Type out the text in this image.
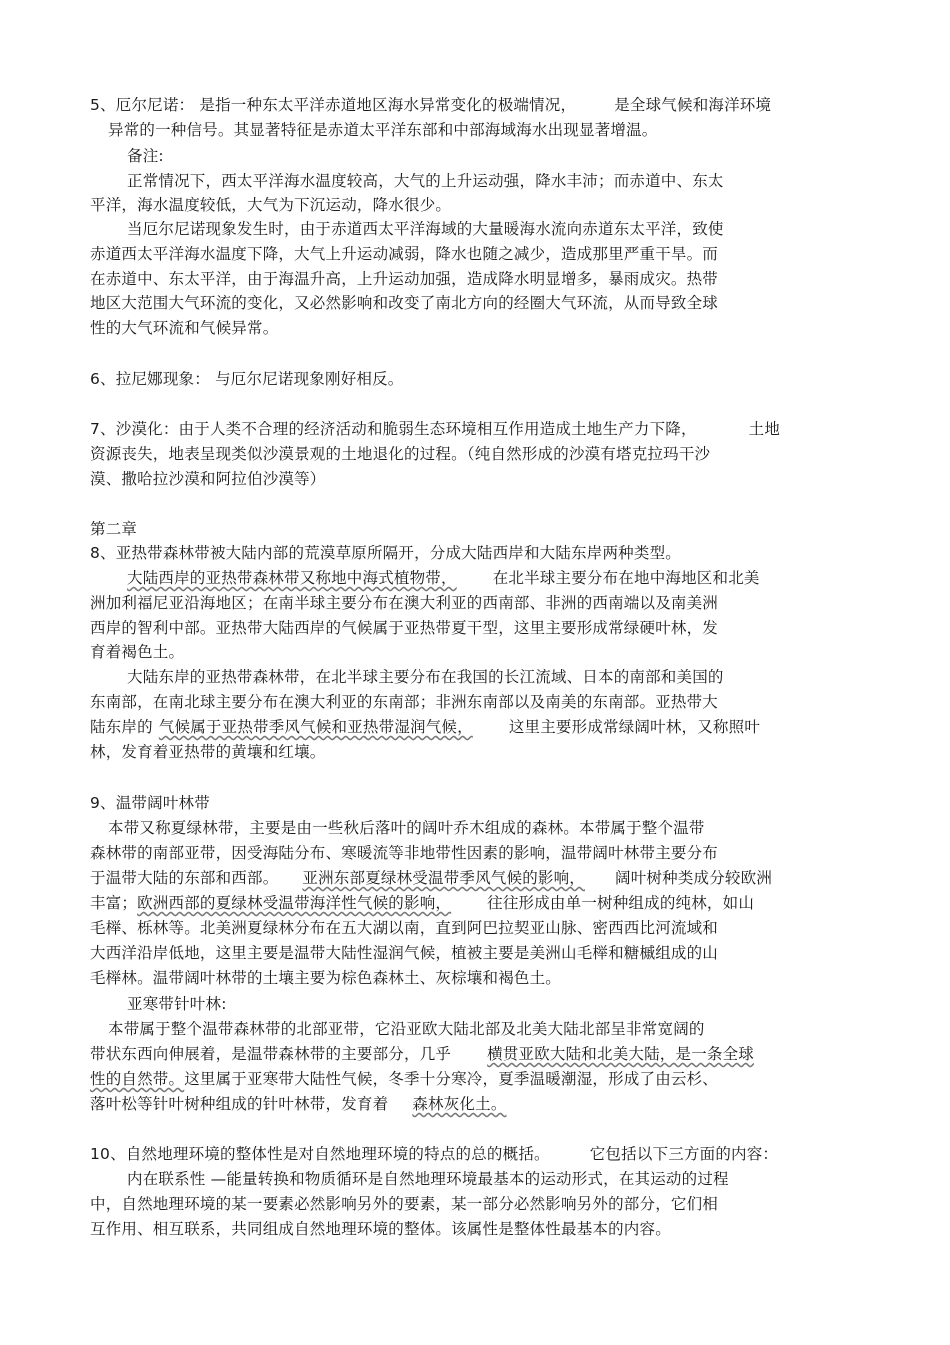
5、厄尔尼诺： 是指一种东太平洋赤道地区海水异常变化的极端情况， 是全球气候和海洋环境
异常的一种信号。其显著特征是赤道太平洋东部和中部海域海水出现显著增温。
备注:
正常情况下，西太平洋海水温度较高，大气的上升运动强，降水丰沛；而赤道中、东太
平洋，海水温度较低，大气为下沉运动，降水很少。
当厄尔尼诺现象发生时，由于赤道西太平洋海域的大量暖海水流向赤道东太平洋，致使
赤道西太平洋海水温度下降，大气上升运动减弱，降水也随之减少，造成那里严重干旱。而
在赤道中、东太平洋，由于海温升高，上升运动加强，造成降水明显增多，暴雨成灾。热带
地区大范围大气环流的变化，又必然影响和改变了南北方向的经圈大气环流，从而导致全球
性的大气环流和气候异常。
6、拉尼娜现象： 与厄尔尼诺现象刚好相反。
7、沙漠化：由于人类不合理的经济活动和脆弱生态环境相互作用造成土地生产力下降，	土地
资源丧失，地表呈现类似沙漠景观的土地退化的过程。（纯自然形成的沙漠有塔克拉玛干沙
漠、撒哈拉沙漠和阿拉伯沙漠等）
第二章
8、亚热带森林带被大陆内部的荒漠草原所隔开，分成大陆西岸和大陆东岸两种类型。
大陆西岸的亚热带森林带又称地中海式植物带， 在北半球主要分布在地中海地区和北美
洲加利福尼亚沿海地区；在南半球主要分布在澳大利亚的西南部、非洲的西南端以及南美洲
西岸的智利中部。亚热带大陆西岸的气候属于亚热带夏干型，这里主要形成常绿硬叶林，发
育着褐色土。
大陆东岸的亚热带森林带，在北半球主要分布在我国的长江流域、日本的南部和美国的
东南部，在南北球主要分布在澳大利亚的东南部；非洲东南部以及南美的东南部。亚热带大
陆东岸的 气候属于亚热带季风气候和亚热带湿润气候， 这里主要形成常绿阔叶林，又称照叶
林，发育着亚热带的黄壤和红壤。
9、温带阔叶林带
本带又称夏绿林带，主要是由一些秋后落叶的阔叶乔木组成的森林。本带属于整个温带
森林带的南部亚带，因受海陆分布、寒暖流等非地带性因素的影响，温带阔叶林带主要分布
于温带大陆的东部和西部。 亚洲东部夏绿林受温带季风气候的影响， 阔叶树种类成分较欧洲
丰富；欧洲西部的夏绿林受温带海洋性气候的影响， 往往形成由单一树种组成的纯林，如山
毛榉、栎林等。北美洲夏绿林分布在五大湖以南，直到阿巴拉契亚山脉、密西西比河流域和
大西洋沿岸低地，这里主要是温带大陆性湿润气候，植被主要是美洲山毛榉和糖槭组成的山
毛榉林。温带阔叶林带的土壤主要为棕色森林土、灰棕壤和褐色土。
亚寒带针叶林:
本带属于整个温带森林带的北部亚带，它沿亚欧大陆北部及北美大陆北部呈非常宽阔的
带状东西向伸展着，是温带森林带的主要部分，几乎 横贯亚欧大陆和北美大陆，是一条全球
性的自然带。这里属于亚寒带大陆性气候，冬季十分寒冷，夏季温暖潮湿，形成了由云杉、
落叶松等针叶树种组成的针叶林带，发育着 森林灰化土。
10、自然地理环境的整体性是对自然地理环境的特点的总的概括。	它包括以下三方面的内容：
内在联系性 —能量转换和物质循环是自然地理环境最基本的运动形式，在其运动的过程
中，自然地理环境的某一要素必然影响另外的要素，某一部分必然影响另外的部分，它们相
互作用、相互联系，共同组成自然地理环境的整体。该属性是整体性最基本的内容。
